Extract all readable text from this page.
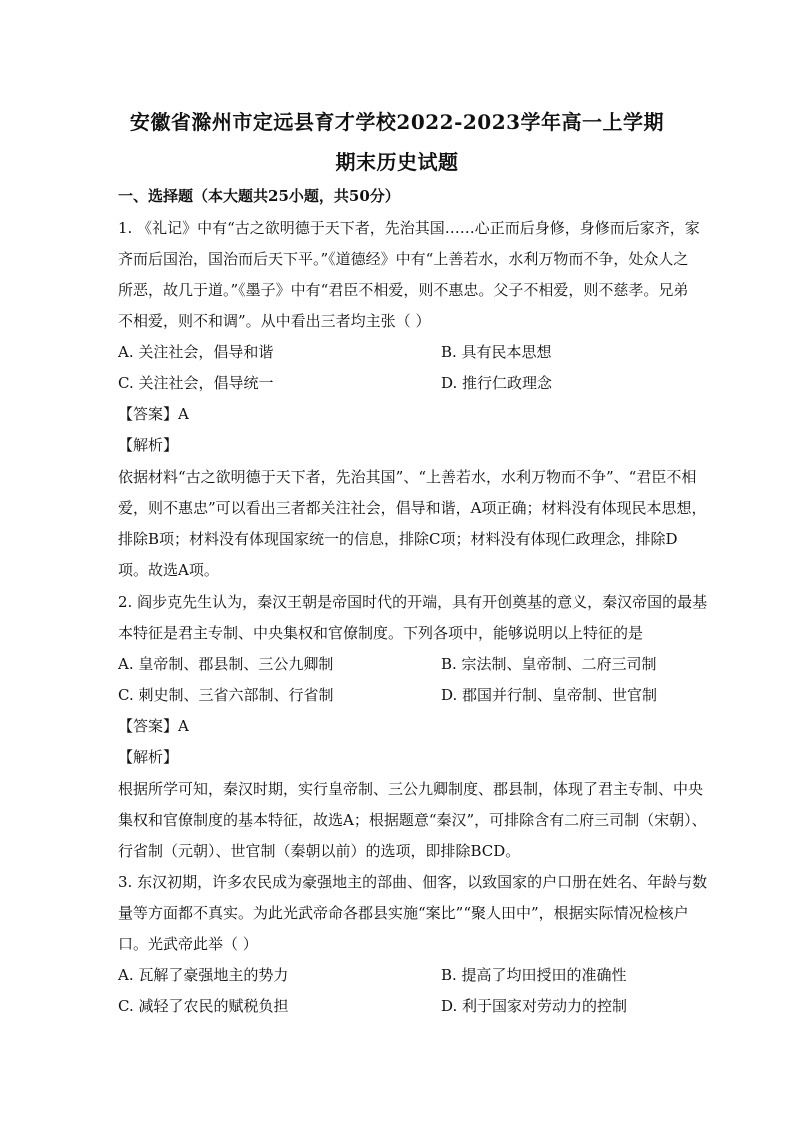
安徽省滁州市定远县育才学校2022-2023学年高一上学期
期末历史试题
一、选择题（本大题共25小题，共50分）
1. 《礼记》中有“古之欲明德于天下者，先治其国……心正而后身修，身修而后家齐，家
齐而后国治，国治而后天下平。”《道德经》中有“上善若水，水利万物而不争，处众人之
所恶，故几于道。”《墨子》中有“君臣不相爱，则不惠忠。父子不相爱，则不慈孝。兄弟
不相爱，则不和调”。从中看出三者均主张（ ）
A. 关注社会，倡导和谐	B. 具有民本思想
C. 关注社会，倡导统一	D. 推行仁政理念
【答案】A
【解析】
依据材料“古之欲明德于天下者，先治其国”、“上善若水，水利万物而不争”、“君臣不相
爱，则不惠忠”可以看出三者都关注社会，倡导和谐，A项正确；材料没有体现民本思想，
排除B项；材料没有体现国家统一的信息，排除C项；材料没有体现仁政理念，排除D
项。故选A项。
2. 阎步克先生认为，秦汉王朝是帝国时代的开端，具有开创奠基的意义，秦汉帝国的最基
本特征是君主专制、中央集权和官僚制度。下列各项中，能够说明以上特征的是
A. 皇帝制、郡县制、三公九卿制	B. 宗法制、皇帝制、二府三司制
C. 刺史制、三省六部制、行省制	D. 郡国并行制、皇帝制、世官制
【答案】A
【解析】
根据所学可知，秦汉时期，实行皇帝制、三公九卿制度、郡县制，体现了君主专制、中央
集权和官僚制度的基本特征，故选A；根据题意“秦汉”，可排除含有二府三司制（宋朝）、
行省制（元朝）、世官制（秦朝以前）的选项，即排除BCD。
3. 东汉初期，许多农民成为豪强地主的部曲、佃客，以致国家的户口册在姓名、年龄与数
量等方面都不真实。为此光武帝命各郡县实施“案比”“聚人田中”，根据实际情况检核户
口。光武帝此举（ ）
A. 瓦解了豪强地主的势力	B. 提高了均田授田的准确性
C. 减轻了农民的赋税负担	D. 利于国家对劳动力的控制
